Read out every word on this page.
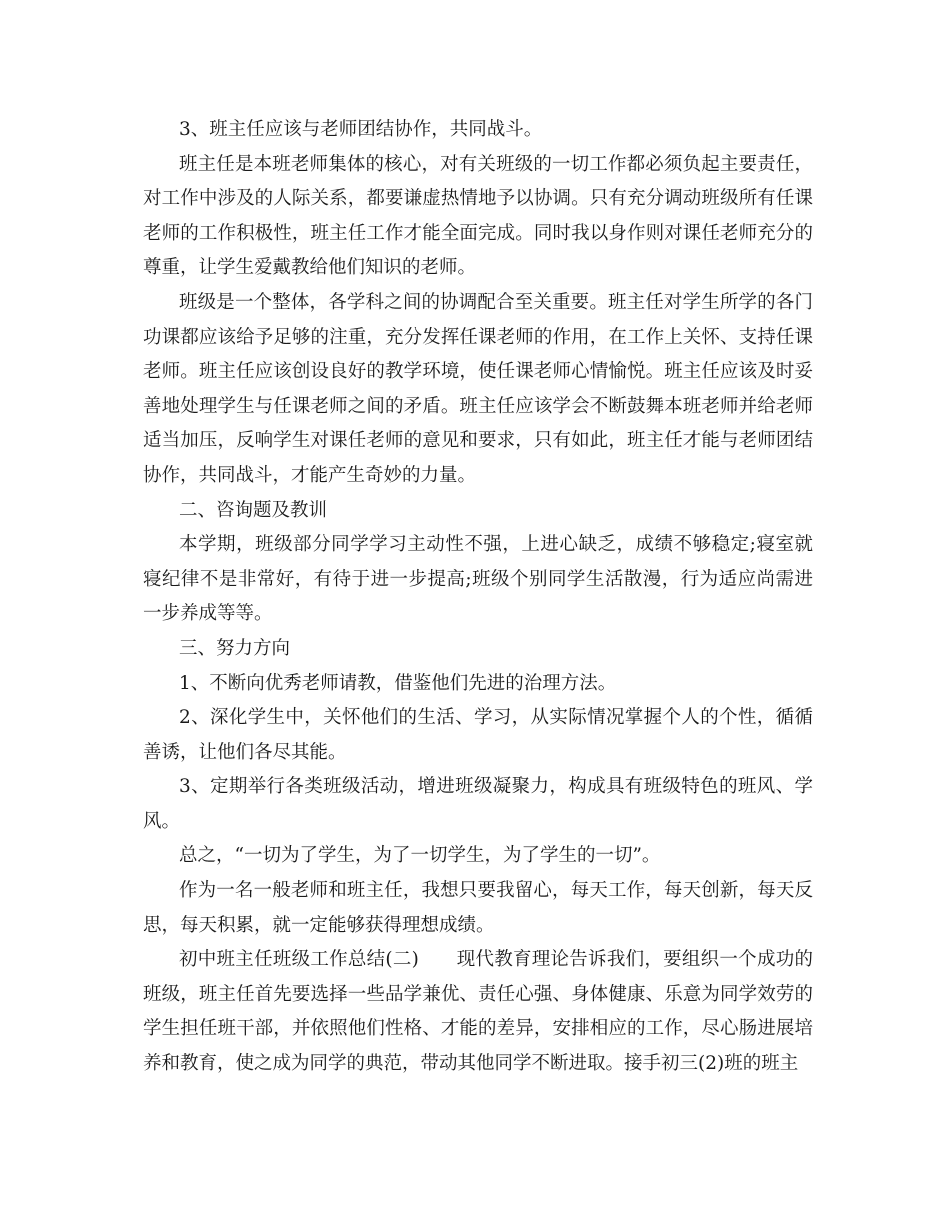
3、班主任应该与老师团结协作，共同战斗。

班主任是本班老师集体的核心，对有关班级的一切工作都必须负起主要责任，对工作中涉及的人际关系，都要谦虚热情地予以协调。只有充分调动班级所有任课老师的工作积极性，班主任工作才能全面完成。同时我以身作则对课任老师充分的尊重，让学生爱戴教给他们知识的老师。

班级是一个整体，各学科之间的协调配合至关重要。班主任对学生所学的各门功课都应该给予足够的注重，充分发挥任课老师的作用，在工作上关怀、支持任课老师。班主任应该创设良好的教学环境，使任课老师心情愉悦。班主任应该及时妥善地处理学生与任课老师之间的矛盾。班主任应该学会不断鼓舞本班老师并给老师适当加压，反响学生对课任老师的意见和要求，只有如此，班主任才能与老师团结协作，共同战斗，才能产生奇妙的力量。

二、咨询题及教训

本学期，班级部分同学学习主动性不强，上进心缺乏，成绩不够稳定;寝室就寝纪律不是非常好，有待于进一步提高;班级个别同学生活散漫，行为适应尚需进一步养成等等。

三、努力方向

1、不断向优秀老师请教，借鉴他们先进的治理方法。

2、深化学生中，关怀他们的生活、学习，从实际情况掌握个人的个性，循循善诱，让他们各尽其能。

3、定期举行各类班级活动，增进班级凝聚力，构成具有班级特色的班风、学风。

总之，“一切为了学生，为了一切学生，为了学生的一切”。

作为一名一般老师和班主任，我想只要我留心，每天工作，每天创新，每天反思，每天积累，就一定能够获得理想成绩。

初中班主任班级工作总结(二)　　现代教育理论告诉我们，要组织一个成功的班级，班主任首先要选择一些品学兼优、责任心强、身体健康、乐意为同学效劳的学生担任班干部，并依照他们性格、才能的差异，安排相应的工作，尽心肠进展培养和教育，使之成为同学的典范，带动其他同学不断进取。接手初三(2)班的班主
